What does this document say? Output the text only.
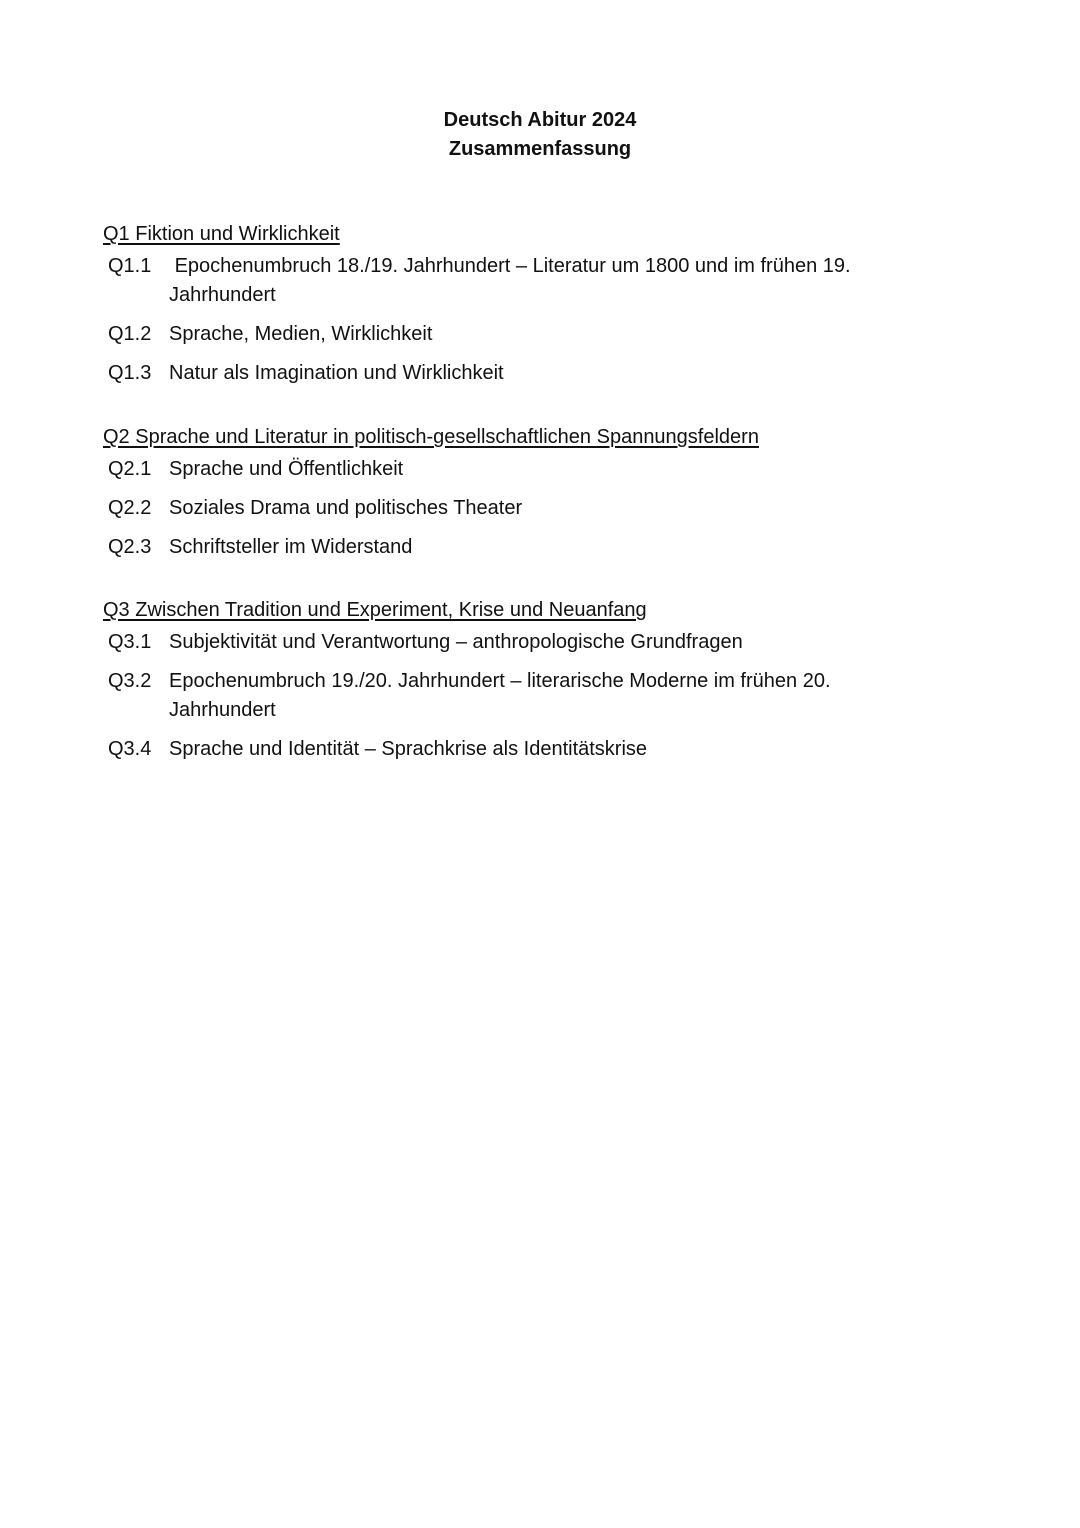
Deutsch Abitur 2024
Zusammenfassung
Q1 Fiktion und Wirklichkeit
Q1.1 Epochenumbruch 18./19. Jahrhundert – Literatur um 1800 und im frühen 19. Jahrhundert
Q1.2 Sprache, Medien, Wirklichkeit
Q1.3 Natur als Imagination und Wirklichkeit
Q2 Sprache und Literatur in politisch-gesellschaftlichen Spannungsfeldern
Q2.1 Sprache und Öffentlichkeit
Q2.2 Soziales Drama und politisches Theater
Q2.3 Schriftsteller im Widerstand
Q3 Zwischen Tradition und Experiment, Krise und Neuanfang
Q3.1 Subjektivität und Verantwortung – anthropologische Grundfragen
Q3.2 Epochenumbruch 19./20. Jahrhundert – literarische Moderne im frühen 20. Jahrhundert
Q3.4 Sprache und Identität – Sprachkrise als Identitätskrise
